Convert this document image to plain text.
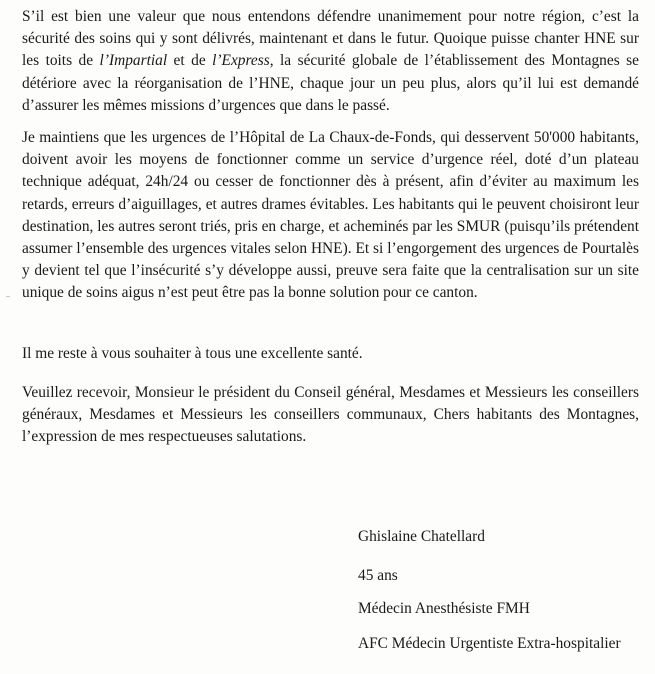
S’il est bien une valeur que nous entendons défendre unanimement pour notre région, c’est la sécurité des soins qui y sont délivrés, maintenant et dans le futur. Quoique puisse chanter HNE sur les toits de l’Impartial et de l’Express, la sécurité globale de l’établissement des Montagnes se détériore avec la réorganisation de l’HNE, chaque jour un peu plus, alors qu’il lui est demandé d’assurer les mêmes missions d’urgences que dans le passé.

Je maintiens que les urgences de l’Hôpital de La Chaux-de-Fonds, qui desservent 50'000 habitants, doivent avoir les moyens de fonctionner comme un service d’urgence réel, doté d’un plateau technique adéquat, 24h/24 ou cesser de fonctionner dès à présent, afin d’éviter au maximum les retards, erreurs d’aiguillages, et autres drames évitables. Les habitants qui le peuvent choisiront leur destination, les autres seront triés, pris en charge, et acheminés par les SMUR (puisqu’ils prétendent assumer l’ensemble des urgences vitales selon HNE). Et si l’engorgement des urgences de Pourtalès y devient tel que l’insécurité s’y développe aussi, preuve sera faite que la centralisation sur un site unique de soins aigus n’est peut être pas la bonne solution pour ce canton.

Il me reste à vous souhaiter à tous une excellente santé.

Veuillez recevoir, Monsieur le président du Conseil général, Mesdames et Messieurs les conseillers généraux, Mesdames et Messieurs les conseillers communaux, Chers habitants des Montagnes, l’expression de mes respectueuses salutations.

Ghislaine Chatellard

45 ans

Médecin Anesthésiste FMH

AFC Médecin Urgentiste Extra-hospitalier
